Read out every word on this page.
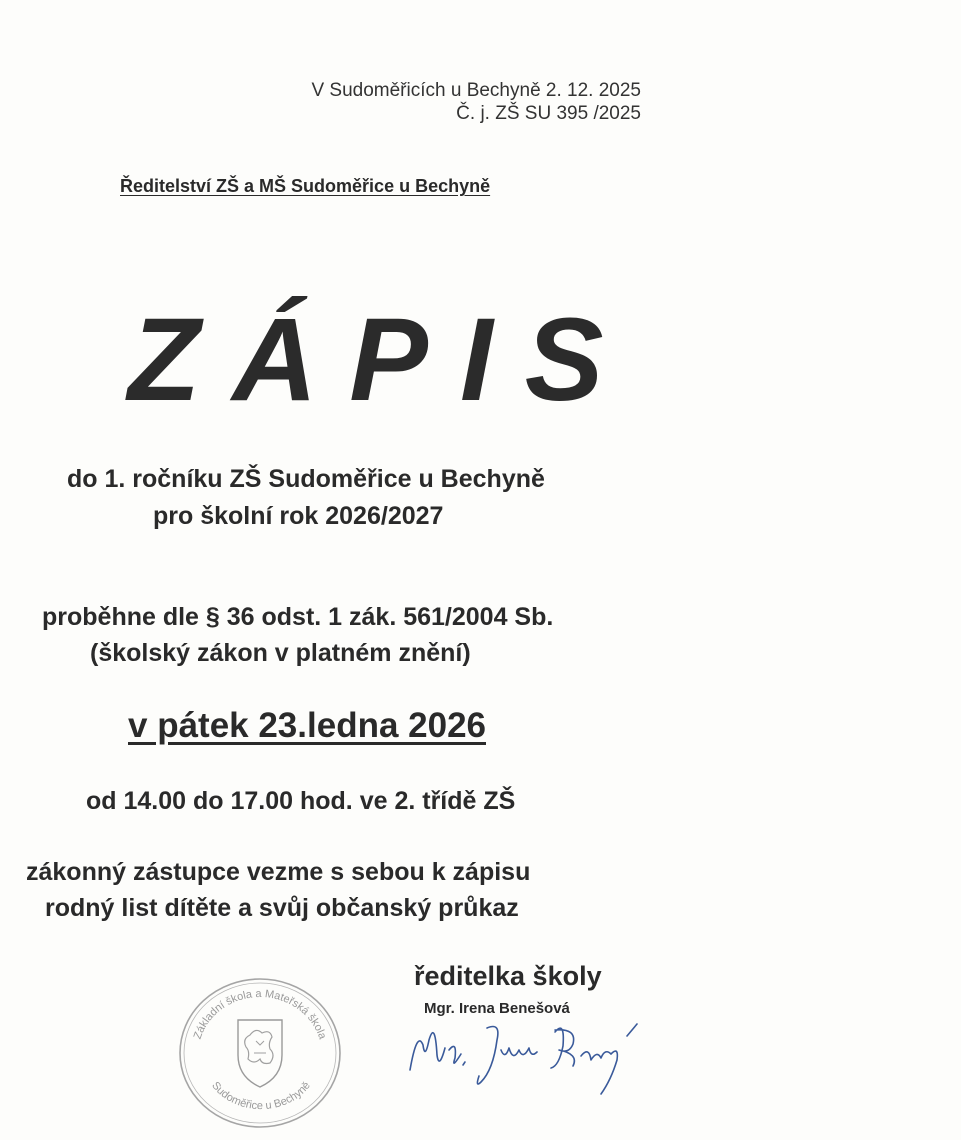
V Sudoměřicích u Bechyně 2. 12. 2025
Č. j. ZŠ SU 395 /2025
Ředitelství ZŠ a MŠ Sudoměřice u Bechyně
ZÁPIS
do 1. ročníku ZŠ Sudoměřice u Bechyně
pro školní rok 2026/2027
proběhne dle § 36 odst. 1 zák. 561/2004 Sb.
(školský zákon v platném znění)
v pátek 23.ledna 2026
od 14.00 do 17.00 hod. ve 2. třídě ZŠ
zákonný zástupce vezme s sebou k zápisu
rodný list dítěte a svůj občanský průkaz
ředitelka školy
Mgr. Irena Benešová
Základní škola a Mateřská škola
Sudoměřice u Bechyně
